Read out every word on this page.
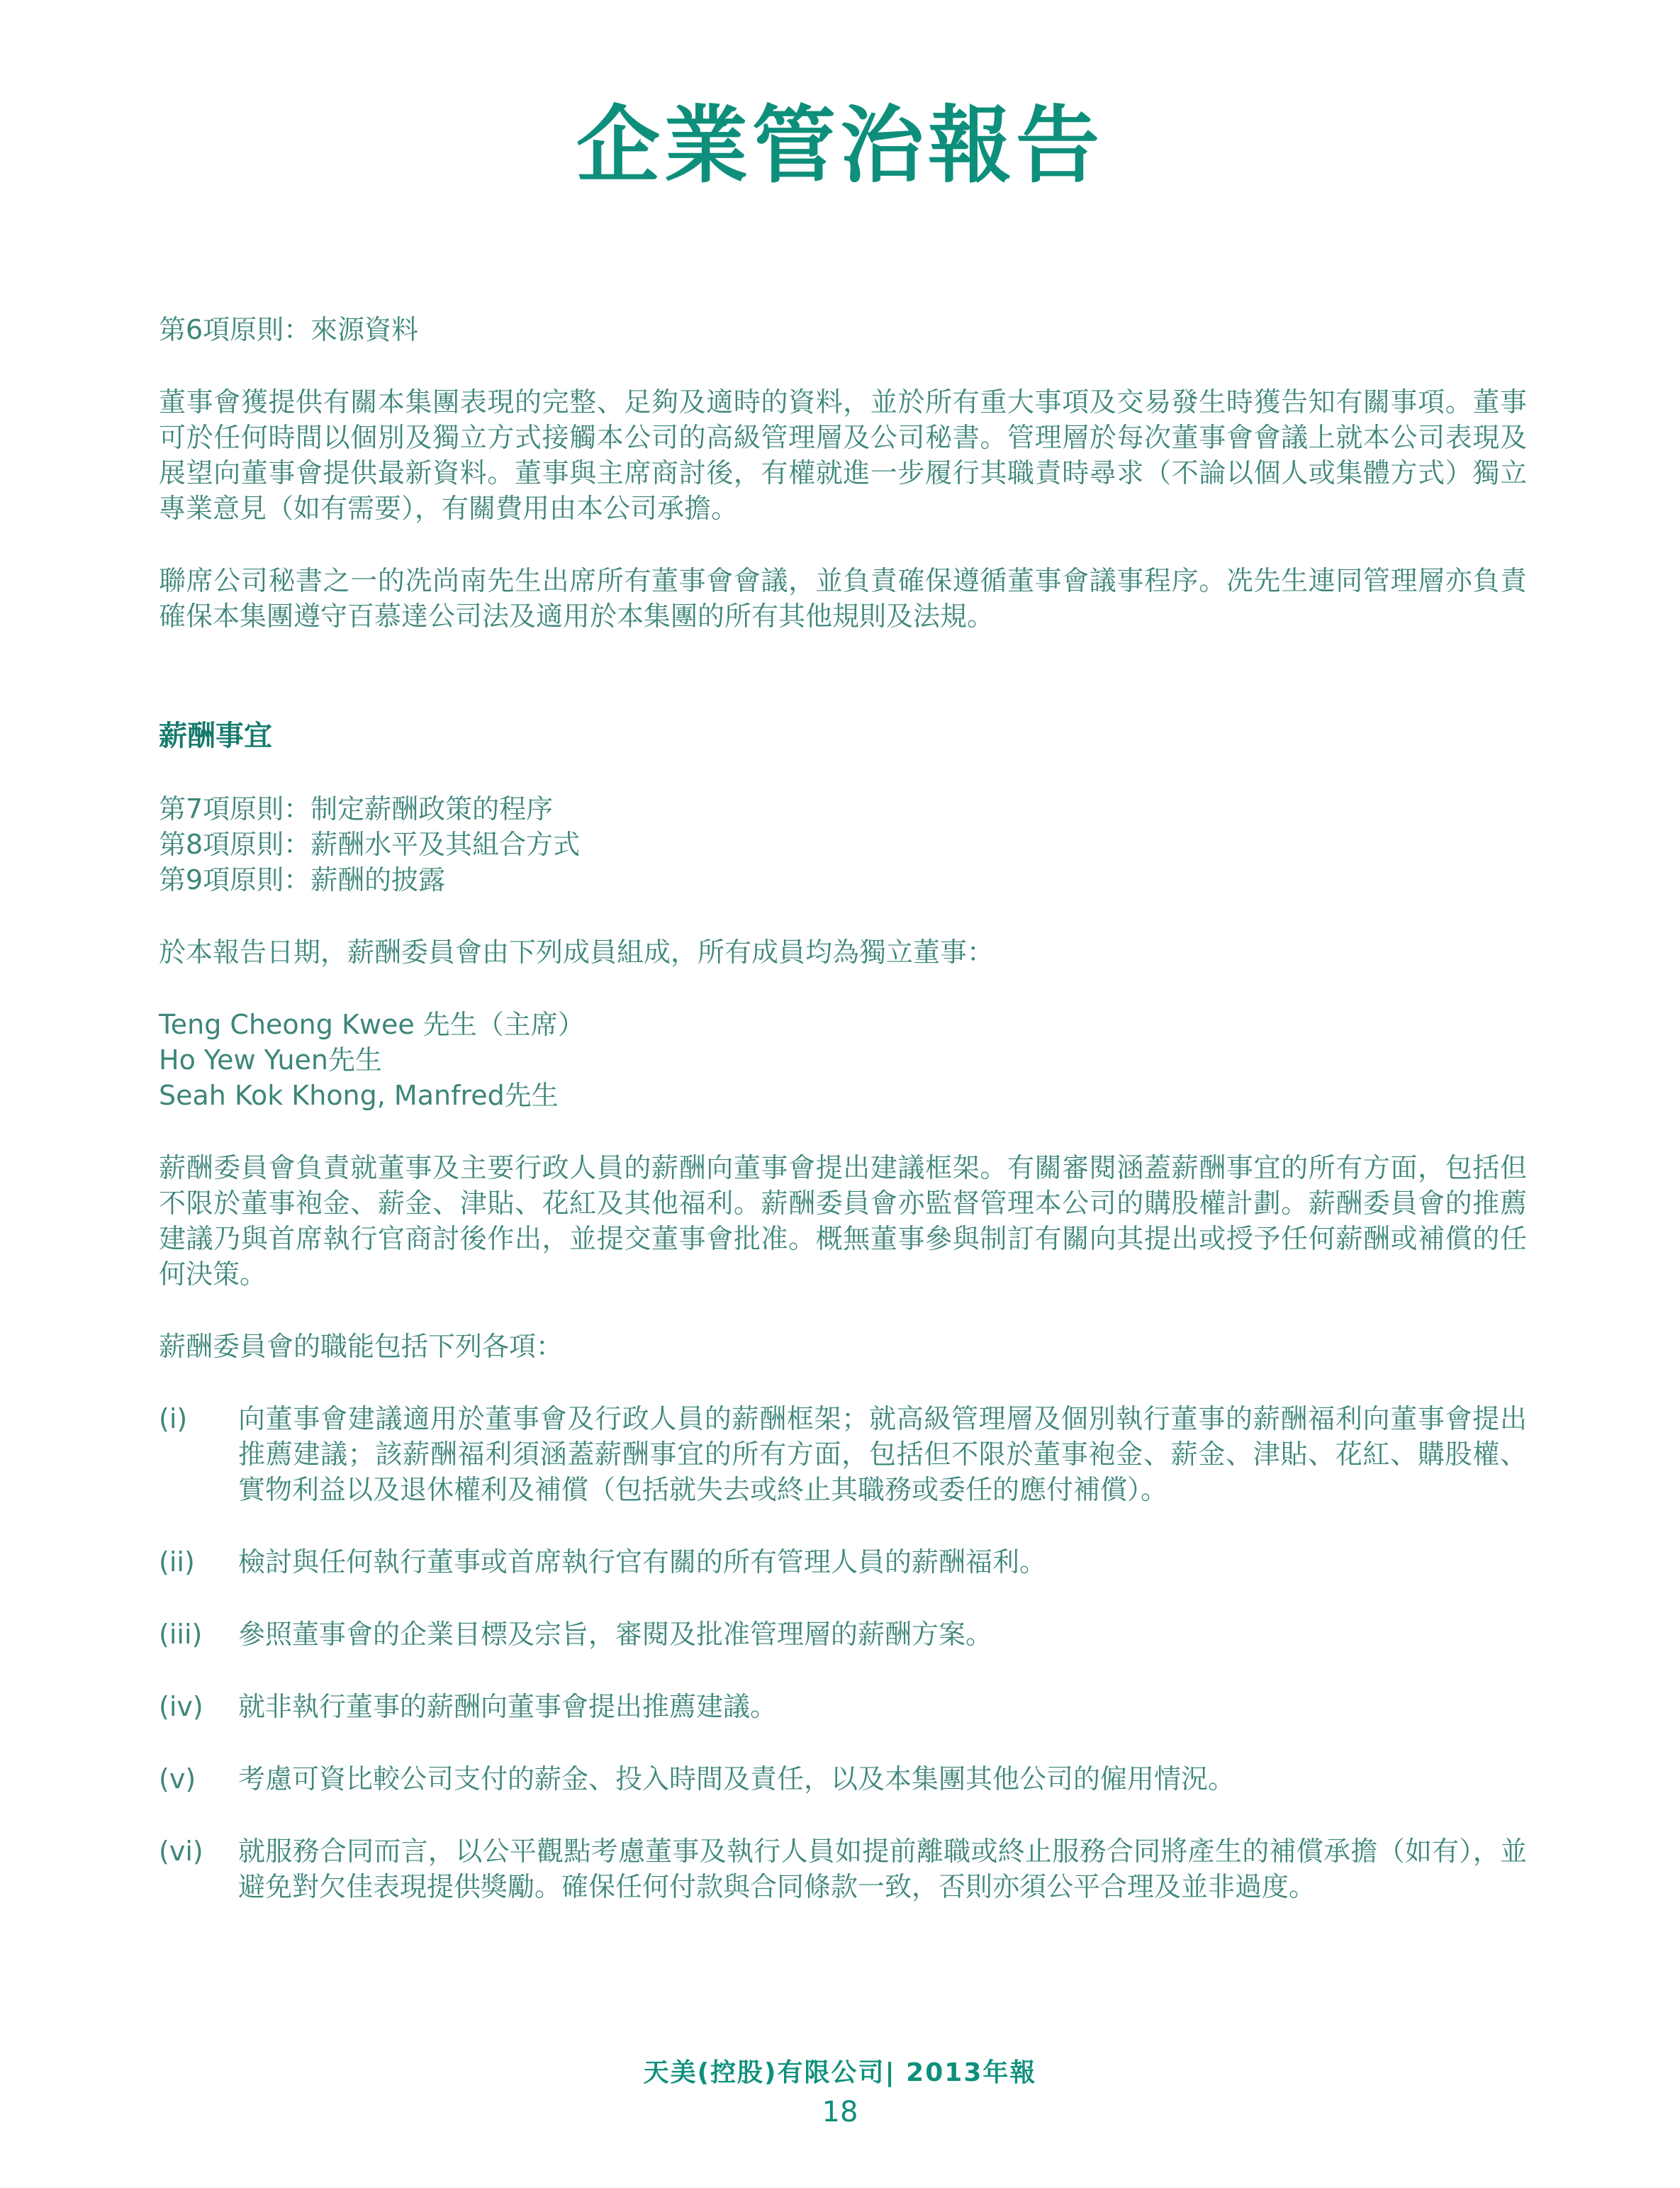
企業管治報告

第6項原則：來源資料

董事會獲提供有關本集團表現的完整、足夠及適時的資料，並於所有重大事項及交易發生時獲告知有關事項。董事可於任何時間以個別及獨立方式接觸本公司的高級管理層及公司秘書。管理層於每次董事會會議上就本公司表現及展望向董事會提供最新資料。董事與主席商討後，有權就進一步履行其職責時尋求（不論以個人或集體方式）獨立專業意見（如有需要），有關費用由本公司承擔。

聯席公司秘書之一的冼尚南先生出席所有董事會會議，並負責確保遵循董事會議事程序。冼先生連同管理層亦負責確保本集團遵守百慕達公司法及適用於本集團的所有其他規則及法規。

薪酬事宜

第7項原則：制定薪酬政策的程序

第8項原則：薪酬水平及其組合方式

第9項原則：薪酬的披露

於本報告日期，薪酬委員會由下列成員組成，所有成員均為獨立董事：

Teng Cheong Kwee 先生（主席）

Ho Yew Yuen先生

Seah Kok Khong, Manfred先生

薪酬委員會負責就董事及主要行政人員的薪酬向董事會提出建議框架。有關審閱涵蓋薪酬事宜的所有方面，包括但不限於董事袍金、薪金、津貼、花紅及其他福利。薪酬委員會亦監督管理本公司的購股權計劃。薪酬委員會的推薦建議乃與首席執行官商討後作出，並提交董事會批准。概無董事參與制訂有關向其提出或授予任何薪酬或補償的任何決策。

薪酬委員會的職能包括下列各項：

(i)	向董事會建議適用於董事會及行政人員的薪酬框架；就高級管理層及個別執行董事的薪酬福利向董事會提出推薦建議；該薪酬福利須涵蓋薪酬事宜的所有方面，包括但不限於董事袍金、薪金、津貼、花紅、購股權、實物利益以及退休權利及補償（包括就失去或終止其職務或委任的應付補償）。
(ii)	檢討與任何執行董事或首席執行官有關的所有管理人員的薪酬福利。
(iii)	參照董事會的企業目標及宗旨，審閱及批准管理層的薪酬方案。
(iv)	就非執行董事的薪酬向董事會提出推薦建議。
(v)	考慮可資比較公司支付的薪金、投入時間及責任，以及本集團其他公司的僱用情況。
(vi)	就服務合同而言，以公平觀點考慮董事及執行人員如提前離職或終止服務合同將產生的補償承擔（如有），並避免對欠佳表現提供獎勵。確保任何付款與合同條款一致，否則亦須公平合理及並非過度。
天美(控股)有限公司| 2013年報
18
